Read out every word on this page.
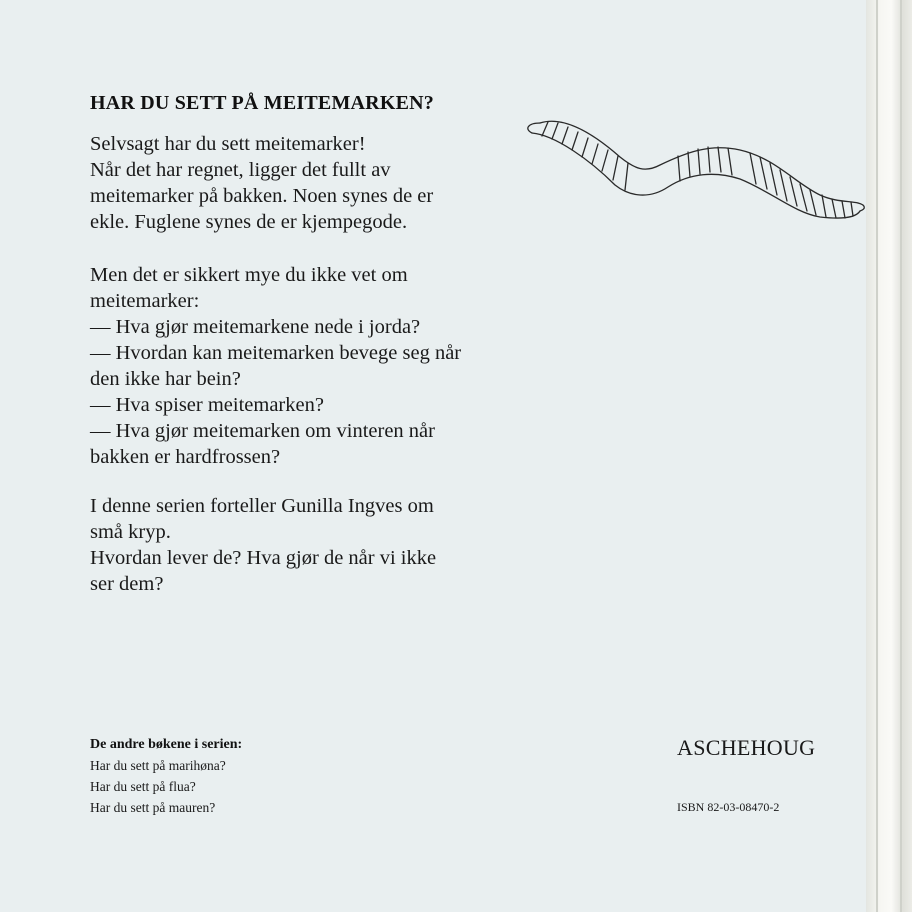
HAR DU SETT PÅ MEITEMARKEN?

Selvsagt har du sett meitemarker!
Når det har regnet, ligger det fullt av
meitemarker på bakken. Noen synes de er
ekle. Fuglene synes de er kjempegode.

Men det er sikkert mye du ikke vet om
meitemarker:
— Hva gjør meitemarkene nede i jorda?
— Hvordan kan meitemarken bevege seg når
den ikke har bein?
— Hva spiser meitemarken?
— Hva gjør meitemarken om vinteren når
bakken er hardfrossen?

I denne serien forteller Gunilla Ingves om
små kryp.
Hvordan lever de? Hva gjør de når vi ikke
ser dem?

De andre bøkene i serien:
Har du sett på marihøna?
Har du sett på flua?
Har du sett på mauren?
ASCHEHOUG
ISBN 82-03-08470-2
